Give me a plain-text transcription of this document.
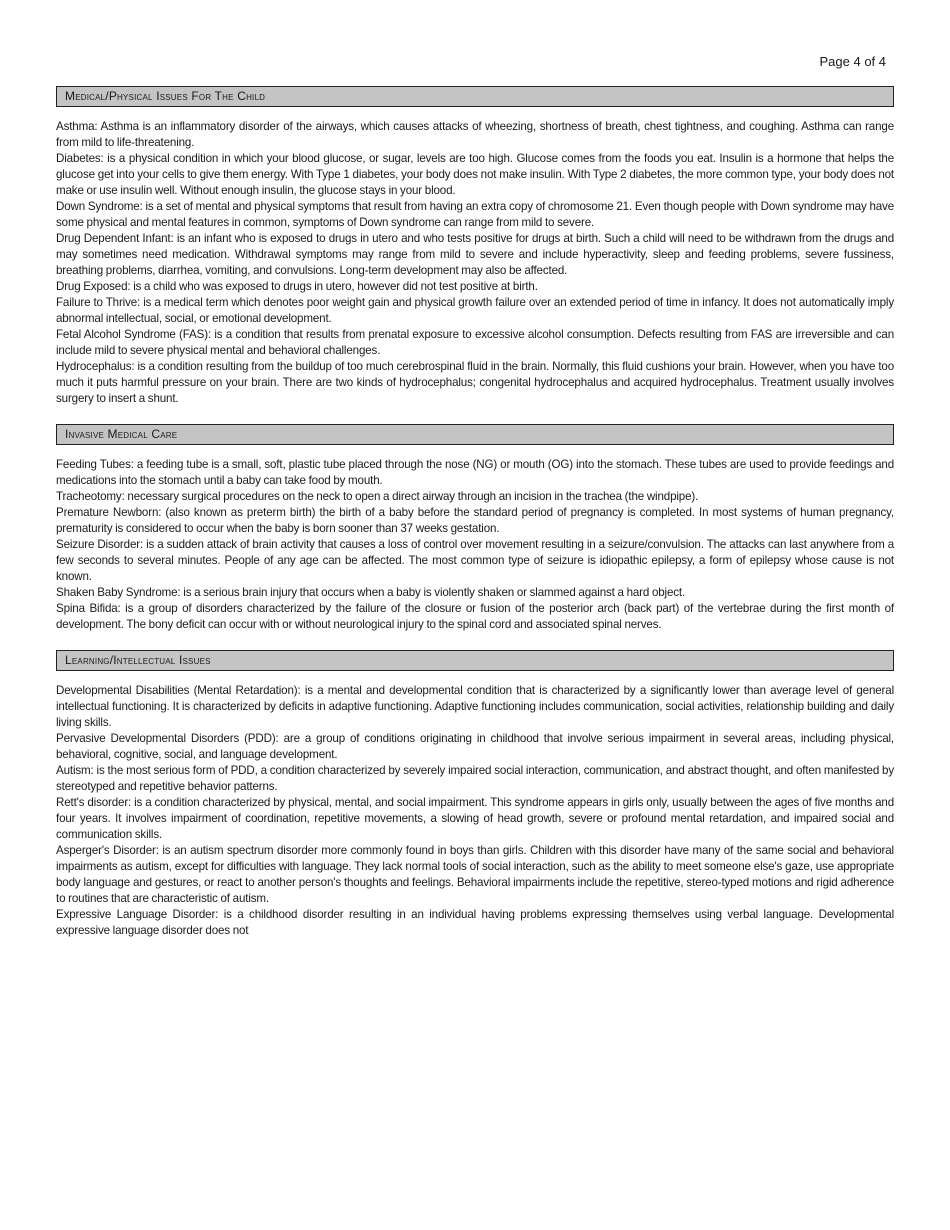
Page 4 of 4
Medical/Physical Issues For The Child

Asthma: Asthma is an inflammatory disorder of the airways, which causes attacks of wheezing, shortness of breath, chest tightness, and coughing. Asthma can range from mild to life-threatening.

Diabetes: is a physical condition in which your blood glucose, or sugar, levels are too high. Glucose comes from the foods you eat. Insulin is a hormone that helps the glucose get into your cells to give them energy. With Type 1 diabetes, your body does not make insulin. With Type 2 diabetes, the more common type, your body does not make or use insulin well. Without enough insulin, the glucose stays in your blood.

Down Syndrome: is a set of mental and physical symptoms that result from having an extra copy of chromosome 21. Even though people with Down syndrome may have some physical and mental features in common, symptoms of Down syndrome can range from mild to severe.

Drug Dependent Infant: is an infant who is exposed to drugs in utero and who tests positive for drugs at birth. Such a child will need to be withdrawn from the drugs and may sometimes need medication. Withdrawal symptoms may range from mild to severe and include hyperactivity, sleep and feeding problems, severe fussiness, breathing problems, diarrhea, vomiting, and convulsions. Long-term development may also be affected.

Drug Exposed: is a child who was exposed to drugs in utero, however did not test positive at birth.

Failure to Thrive: is a medical term which denotes poor weight gain and physical growth failure over an extended period of time in infancy. It does not automatically imply abnormal intellectual, social, or emotional development.

Fetal Alcohol Syndrome (FAS): is a condition that results from prenatal exposure to excessive alcohol consumption. Defects resulting from FAS are irreversible and can include mild to severe physical mental and behavioral challenges.

Hydrocephalus: is a condition resulting from the buildup of too much cerebrospinal fluid in the brain. Normally, this fluid cushions your brain. However, when you have too much it puts harmful pressure on your brain. There are two kinds of hydrocephalus; congenital hydrocephalus and acquired hydrocephalus. Treatment usually involves surgery to insert a shunt.

Invasive Medical Care

Feeding Tubes: a feeding tube is a small, soft, plastic tube placed through the nose (NG) or mouth (OG) into the stomach. These tubes are used to provide feedings and medications into the stomach until a baby can take food by mouth.

Tracheotomy: necessary surgical procedures on the neck to open a direct airway through an incision in the trachea (the windpipe).

Premature Newborn: (also known as preterm birth) the birth of a baby before the standard period of pregnancy is completed. In most systems of human pregnancy, prematurity is considered to occur when the baby is born sooner than 37 weeks gestation.

Seizure Disorder: is a sudden attack of brain activity that causes a loss of control over movement resulting in a seizure/convulsion. The attacks can last anywhere from a few seconds to several minutes. People of any age can be affected. The most common type of seizure is idiopathic epilepsy, a form of epilepsy whose cause is not known.

Shaken Baby Syndrome: is a serious brain injury that occurs when a baby is violently shaken or slammed against a hard object.

Spina Bifida: is a group of disorders characterized by the failure of the closure or fusion of the posterior arch (back part) of the vertebrae during the first month of development. The bony deficit can occur with or without neurological injury to the spinal cord and associated spinal nerves.

Learning/Intellectual Issues

Developmental Disabilities (Mental Retardation): is a mental and developmental condition that is characterized by a significantly lower than average level of general intellectual functioning. It is characterized by deficits in adaptive functioning. Adaptive functioning includes communication, social activities, relationship building and daily living skills.

Pervasive Developmental Disorders (PDD): are a group of conditions originating in childhood that involve serious impairment in several areas, including physical, behavioral, cognitive, social, and language development.

Autism: is the most serious form of PDD, a condition characterized by severely impaired social interaction, communication, and abstract thought, and often manifested by stereotyped and repetitive behavior patterns.

Rett's disorder: is a condition characterized by physical, mental, and social impairment. This syndrome appears in girls only, usually between the ages of five months and four years. It involves impairment of coordination, repetitive movements, a slowing of head growth, severe or profound mental retardation, and impaired social and communication skills.

Asperger's Disorder: is an autism spectrum disorder more commonly found in boys than girls. Children with this disorder have many of the same social and behavioral impairments as autism, except for difficulties with language. They lack normal tools of social interaction, such as the ability to meet someone else's gaze, use appropriate body language and gestures, or react to another person's thoughts and feelings. Behavioral impairments include the repetitive, stereo-typed motions and rigid adherence to routines that are characteristic of autism.

Expressive Language Disorder: is a childhood disorder resulting in an individual having problems expressing themselves using verbal language. Developmental expressive language disorder does not
